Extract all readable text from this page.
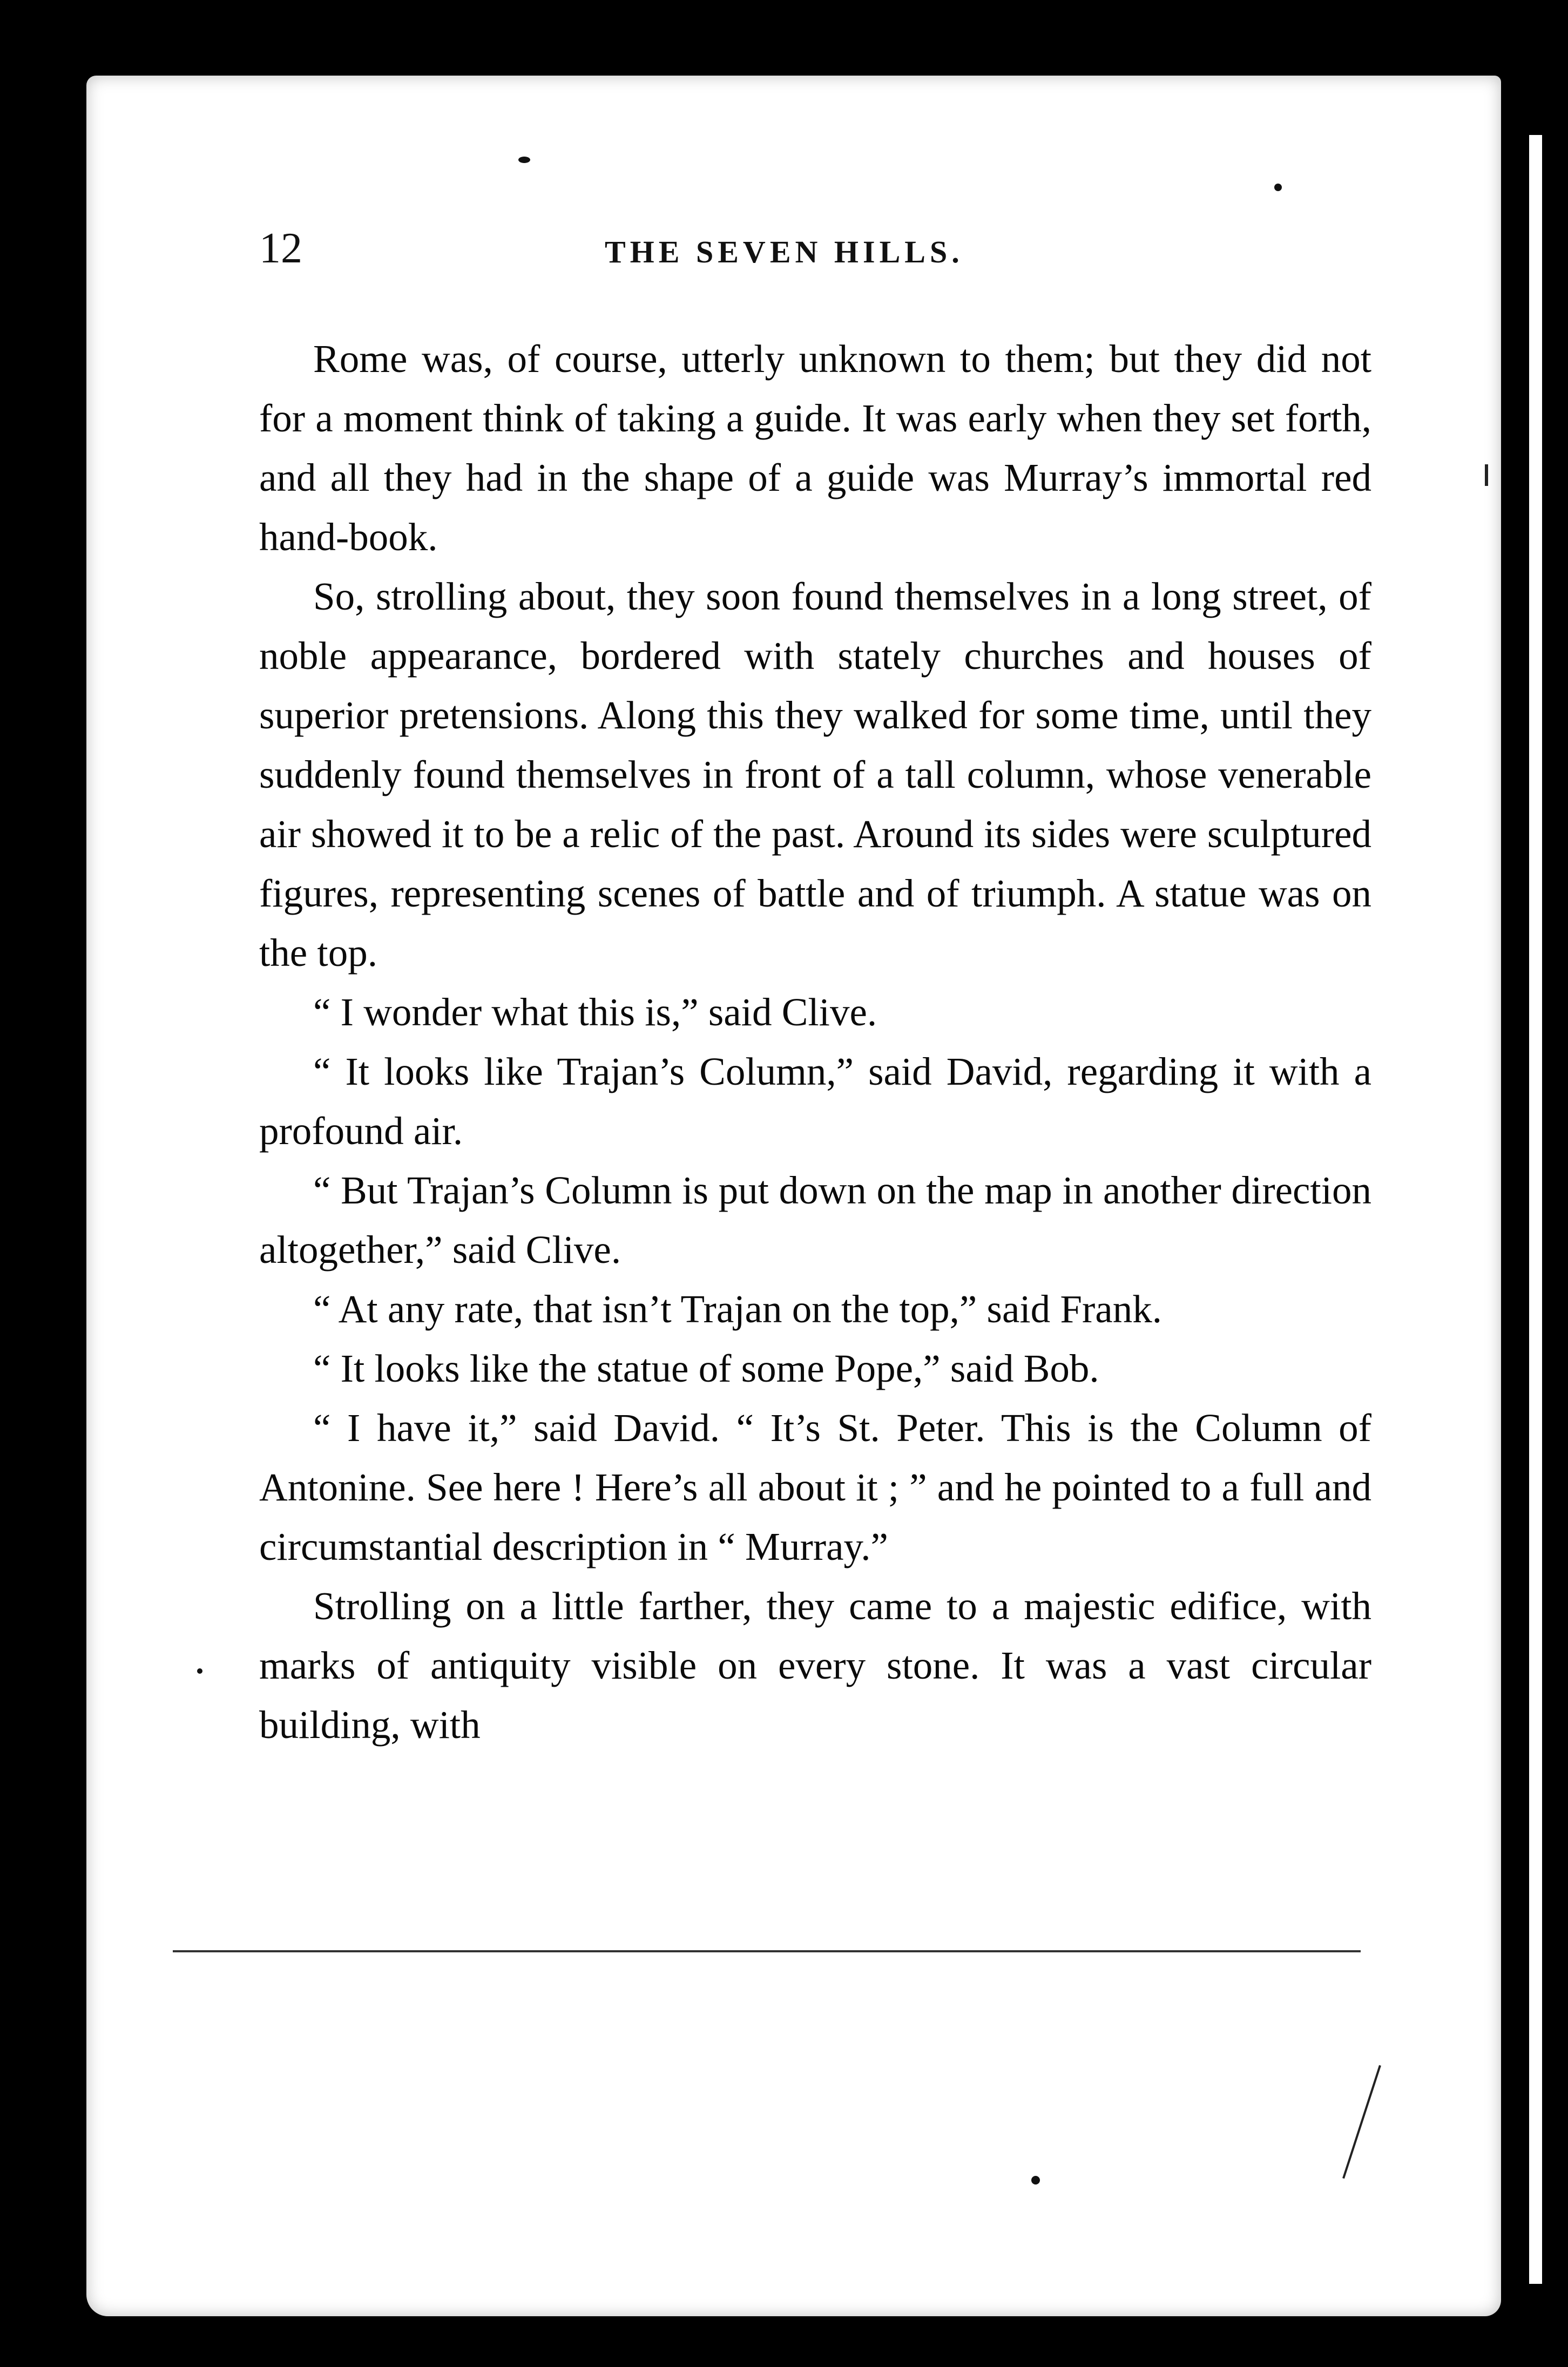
12	THE SEVEN HILLS.

Rome was, of course, utterly unknown to them; but they did not for a moment think of taking a guide. It was early when they set forth, and all they had in the shape of a guide was Murray’s immortal red hand-book.

So, strolling about, they soon found themselves in a long street, of noble appearance, bordered with stately churches and houses of superior pretensions. Along this they walked for some time, until they suddenly found themselves in front of a tall column, whose venerable air showed it to be a relic of the past. Around its sides were sculptured figures, representing scenes of battle and of triumph. A statue was on the top.

“ I wonder what this is,” said Clive.

“ It looks like Trajan’s Column,” said David, regarding it with a profound air.

“ But Trajan’s Column is put down on the map in another direction altogether,” said Clive.

“ At any rate, that isn’t Trajan on the top,” said Frank.

“ It looks like the statue of some Pope,” said Bob.

“ I have it,” said David. “ It’s St. Peter. This is the Column of Antonine. See here ! Here’s all about it ; ” and he pointed to a full and circumstantial description in “ Murray.”

Strolling on a little farther, they came to a majestic edifice, with marks of antiquity visible on every stone. It was a vast circular building, with
